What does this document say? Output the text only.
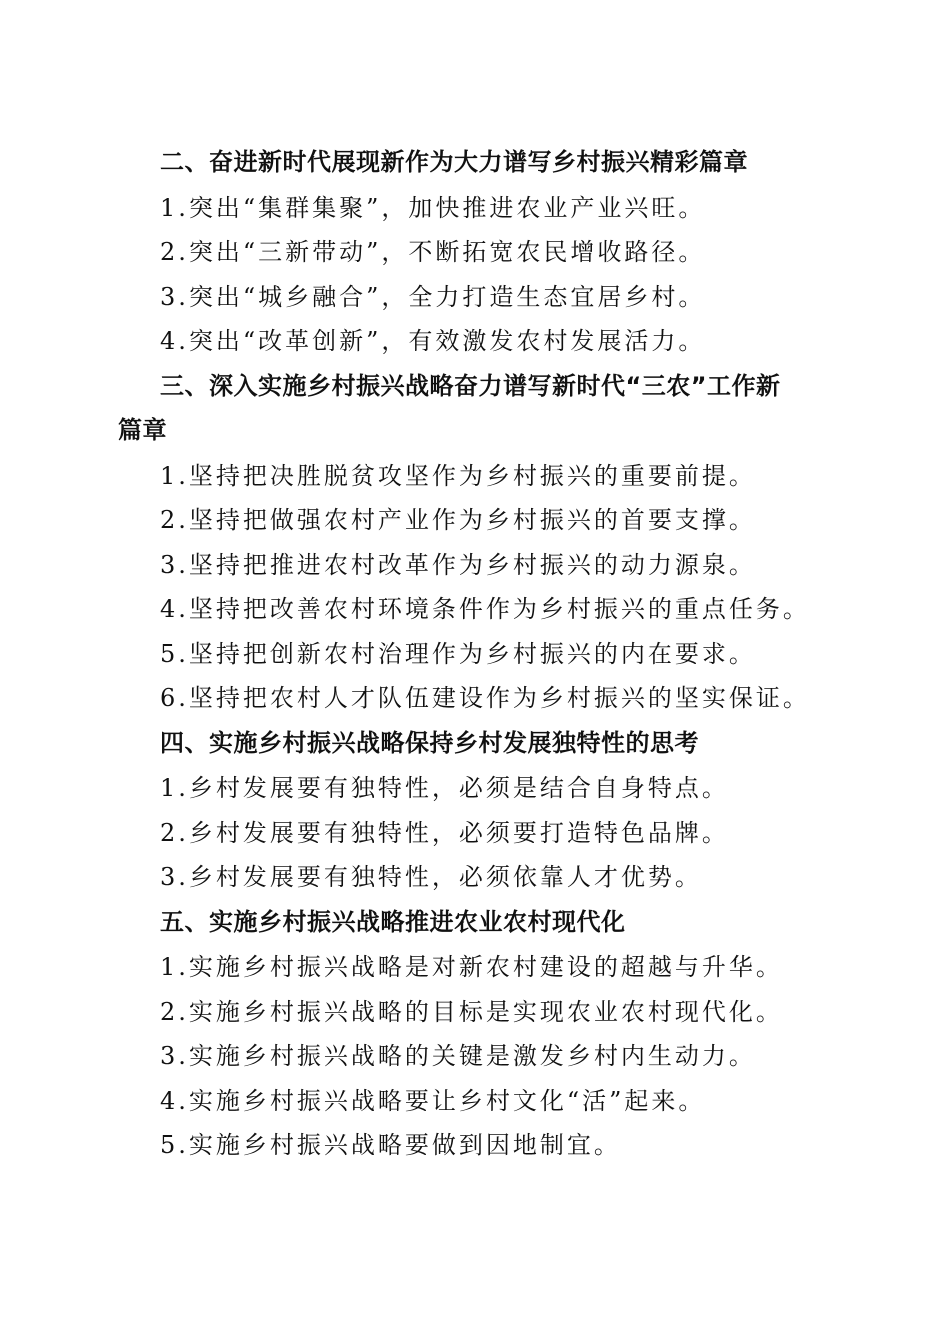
二、奋进新时代展现新作为大力谱写乡村振兴精彩篇章
1.突出“集群集聚”，加快推进农业产业兴旺。
2.突出“三新带动”，不断拓宽农民增收路径。
3.突出“城乡融合”，全力打造生态宜居乡村。
4.突出“改革创新”，有效激发农村发展活力。
三、深入实施乡村振兴战略奋力谱写新时代“三农”工作新
篇章
1.坚持把决胜脱贫攻坚作为乡村振兴的重要前提。
2.坚持把做强农村产业作为乡村振兴的首要支撑。
3.坚持把推进农村改革作为乡村振兴的动力源泉。
4.坚持把改善农村环境条件作为乡村振兴的重点任务。
5.坚持把创新农村治理作为乡村振兴的内在要求。
6.坚持把农村人才队伍建设作为乡村振兴的坚实保证。
四、实施乡村振兴战略保持乡村发展独特性的思考
1.乡村发展要有独特性，必须是结合自身特点。
2.乡村发展要有独特性，必须要打造特色品牌。
3.乡村发展要有独特性，必须依靠人才优势。
五、实施乡村振兴战略推进农业农村现代化
1.实施乡村振兴战略是对新农村建设的超越与升华。
2.实施乡村振兴战略的目标是实现农业农村现代化。
3.实施乡村振兴战略的关键是激发乡村内生动力。
4.实施乡村振兴战略要让乡村文化“活”起来。
5.实施乡村振兴战略要做到因地制宜。
